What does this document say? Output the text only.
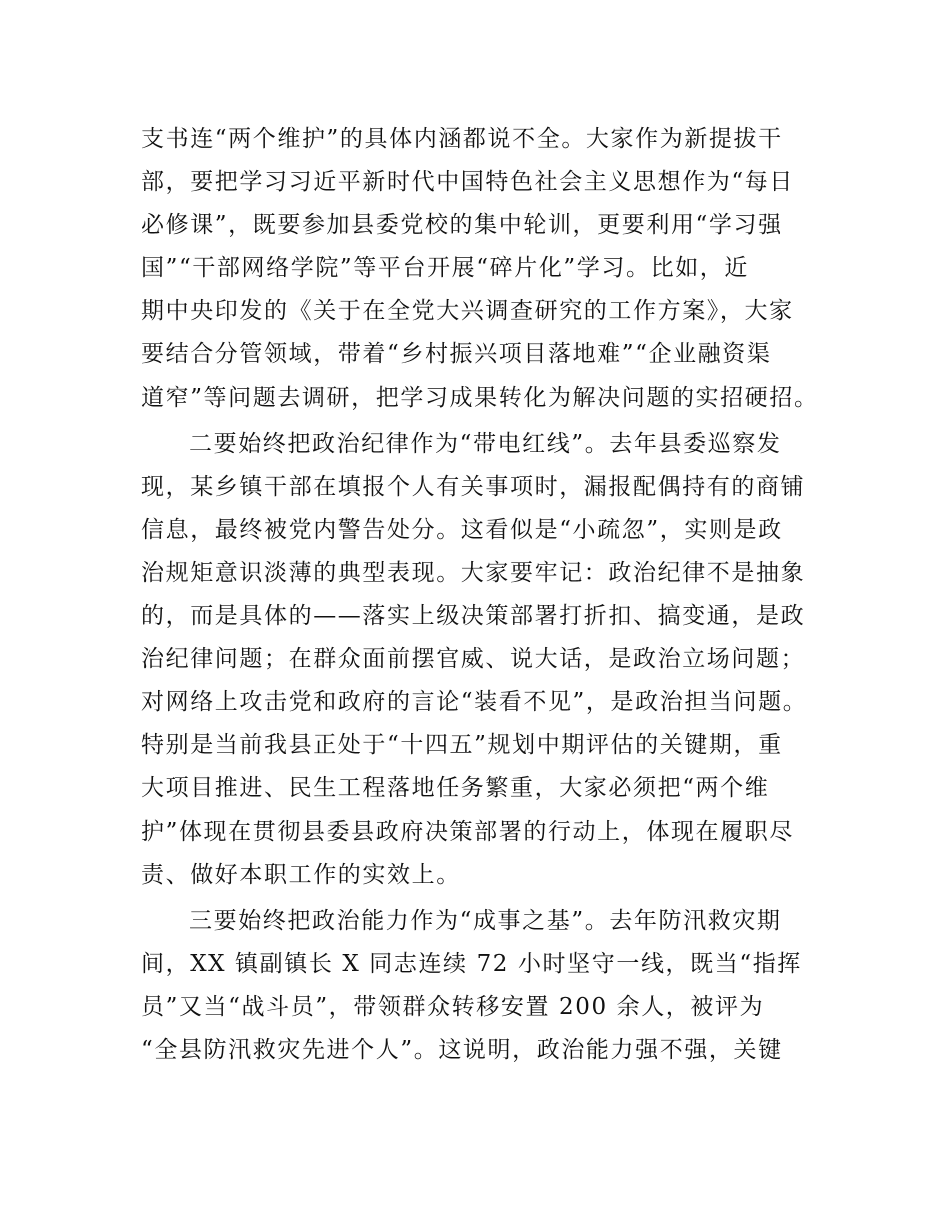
支书连“两个维护”的具体内涵都说不全。大家作为新提拔干
部，要把学习习近平新时代中国特色社会主义思想作为“每日
必修课”，既要参加县委党校的集中轮训，更要利用“学习强
国”“干部网络学院”等平台开展“碎片化”学习。比如，近
期中央印发的《关于在全党大兴调查研究的工作方案》，大家
要结合分管领域，带着“乡村振兴项目落地难”“企业融资渠
道窄”等问题去调研，把学习成果转化为解决问题的实招硬招。

二要始终把政治纪律作为“带电红线”。去年县委巡察发
现，某乡镇干部在填报个人有关事项时，漏报配偶持有的商铺
信息，最终被党内警告处分。这看似是“小疏忽”，实则是政
治规矩意识淡薄的典型表现。大家要牢记：政治纪律不是抽象
的，而是具体的——落实上级决策部署打折扣、搞变通，是政
治纪律问题；在群众面前摆官威、说大话，是政治立场问题；
对网络上攻击党和政府的言论“装看不见”，是政治担当问题。
特别是当前我县正处于“十四五”规划中期评估的关键期，重
大项目推进、民生工程落地任务繁重，大家必须把“两个维
护”体现在贯彻县委县政府决策部署的行动上，体现在履职尽
责、做好本职工作的实效上。

三要始终把政治能力作为“成事之基”。去年防汛救灾期
间，XX 镇副镇长 X 同志连续 72 小时坚守一线，既当“指挥
员”又当“战斗员”，带领群众转移安置 200 余人，被评为
“全县防汛救灾先进个人”。这说明，政治能力强不强，关键
